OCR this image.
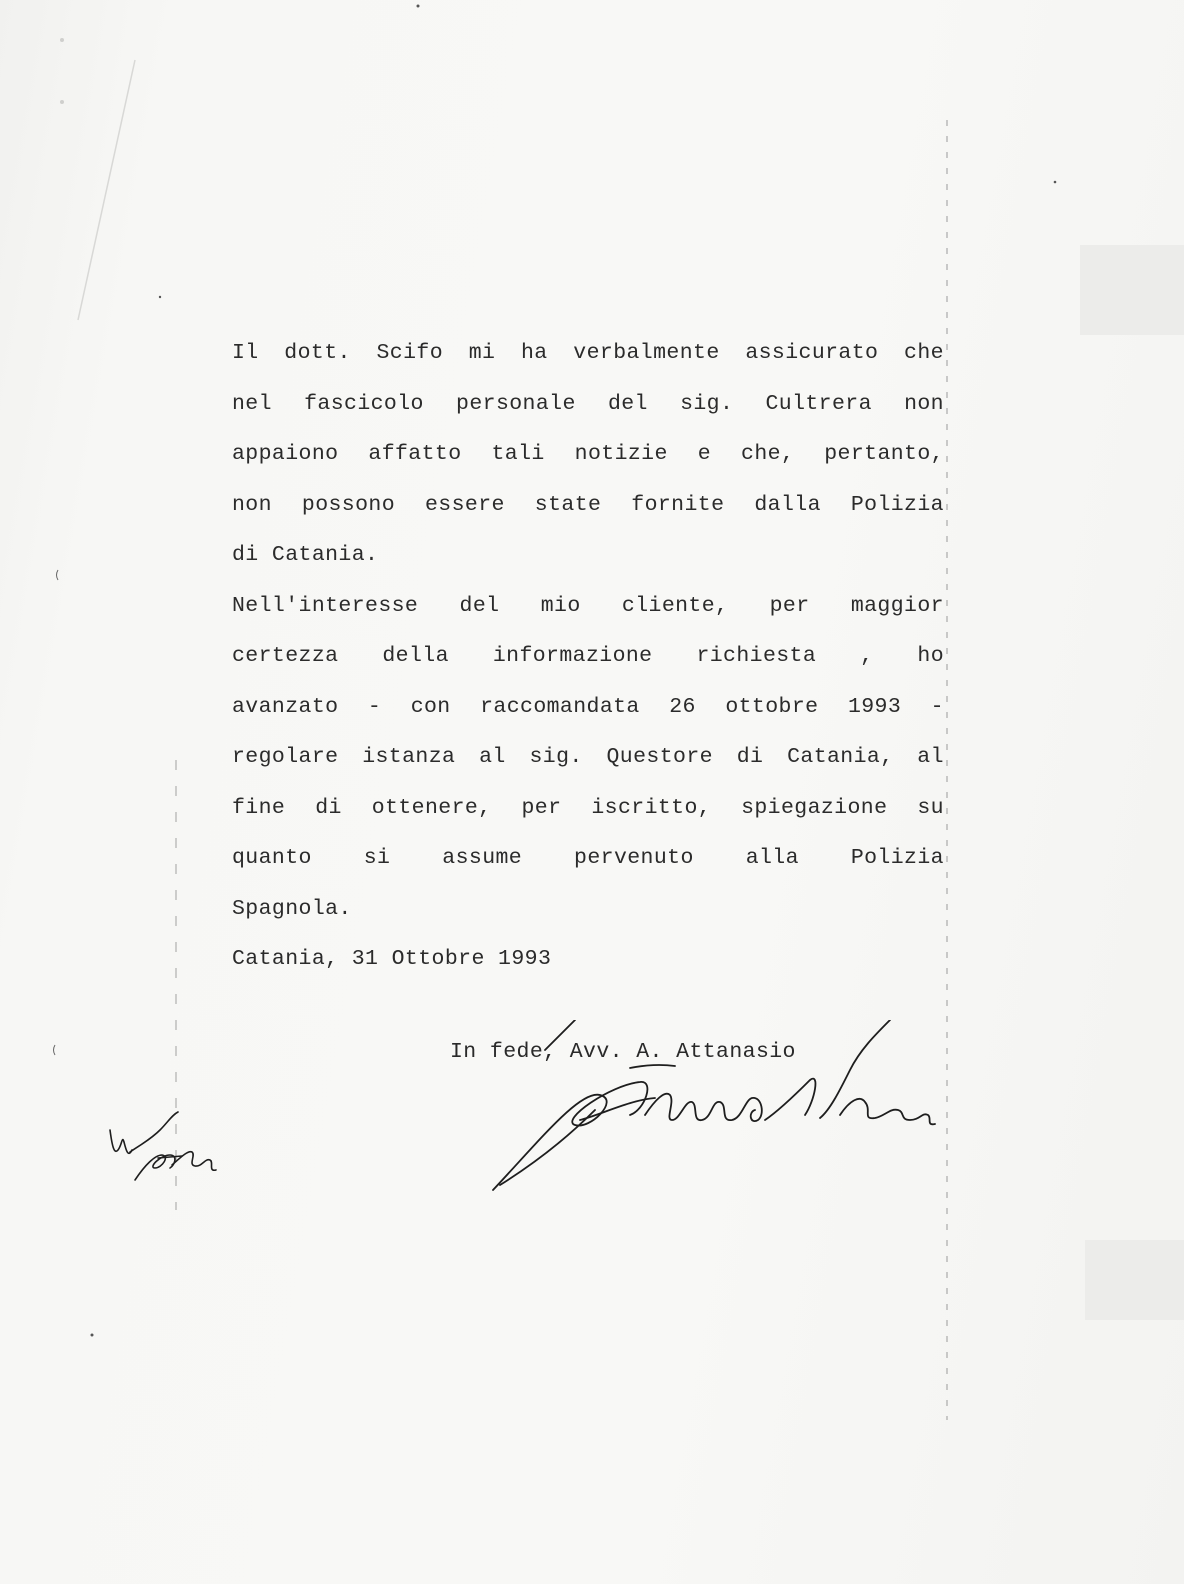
Il dott. Scifo mi ha verbalmente assicurato che
nel fascicolo personale del sig. Cultrera non
appaiono affatto tali notizie e che, pertanto,
non possono essere state fornite dalla Polizia
di Catania.
Nell'interesse del mio cliente, per maggior
certezza della informazione richiesta , ho
avanzato - con raccomandata 26 ottobre 1993 -
regolare istanza al sig. Questore di Catania, al
fine di ottenere, per iscritto, spiegazione su
quanto si assume pervenuto alla Polizia
Spagnola.
Catania, 31 Ottobre 1993
In fede, Avv. A. Attanasio
